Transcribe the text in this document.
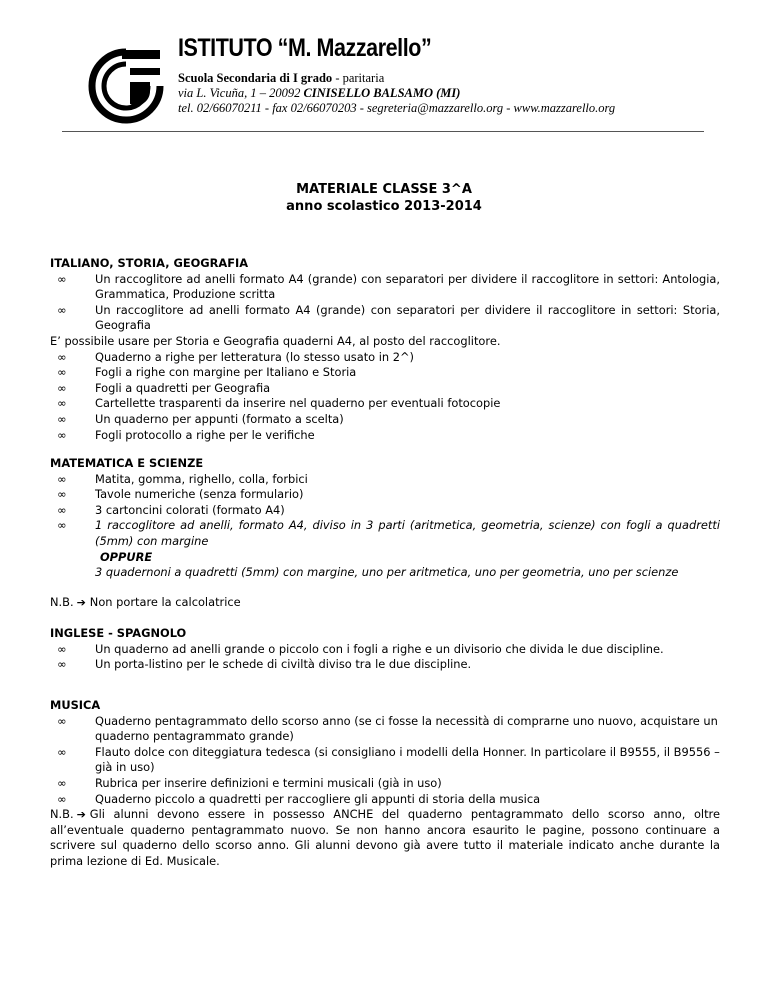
ISTITUTO “M. Mazzarello”
Scuola Secondaria di I grado - paritaria
via L. Vicuña, 1 – 20092 CINISELLO BALSAMO (MI)
tel. 02/66070211 - fax 02/66070203 - segreteria@mazzarello.org - www.mazzarello.org
MATERIALE CLASSE 3^A
anno scolastico 2013-2014
ITALIANO, STORIA, GEOGRAFIA
∞	Un raccoglitore ad anelli formato A4 (grande) con separatori per dividere il raccoglitore in settori: Antologia, Grammatica, Produzione scritta
∞	Un raccoglitore ad anelli formato A4 (grande) con separatori per dividere il raccoglitore in settori: Storia, Geografia
E’ possibile usare per Storia e Geografia quaderni A4, al posto del raccoglitore.
∞	Quaderno a righe per letteratura (lo stesso usato in 2^)
∞	Fogli a righe con margine per Italiano e Storia
∞	Fogli a quadretti per Geografia
∞	Cartellette trasparenti da inserire nel quaderno per eventuali fotocopie
∞	Un quaderno per appunti (formato a scelta)
∞	Fogli protocollo a righe per le verifiche
MATEMATICA E SCIENZE
∞	Matita, gomma, righello, colla, forbici
∞	Tavole numeriche (senza formulario)
∞	3 cartoncini colorati (formato A4)
∞	1 raccoglitore ad anelli, formato A4, diviso in 3 parti (aritmetica, geometria, scienze) con fogli a quadretti (5mm) con margine
OPPURE
3 quadernoni a quadretti (5mm) con margine, uno per aritmetica, uno per geometria, uno per scienze
N.B. ➔ Non portare la calcolatrice
INGLESE - SPAGNOLO
∞	Un quaderno ad anelli grande o piccolo con i fogli a righe e un divisorio che divida le due discipline.
∞	Un porta-listino per le schede di civiltà diviso tra le due discipline.
MUSICA
∞	Quaderno pentagrammato dello scorso anno (se ci fosse la necessità di comprarne uno nuovo, acquistare un quaderno pentagrammato grande)
∞	Flauto dolce con diteggiatura tedesca (si consigliano i modelli della Honner. In particolare il B9555, il B9556 – già in uso)
∞	Rubrica per inserire definizioni e termini musicali (già in uso)
∞	Quaderno piccolo a quadretti per raccogliere gli appunti di storia della musica
N.B. ➔ Gli alunni devono essere in possesso ANCHE del quaderno pentagrammato dello scorso anno, oltre all’eventuale quaderno pentagrammato nuovo. Se non hanno ancora esaurito le pagine, possono continuare a scrivere sul quaderno dello scorso anno. Gli alunni devono già avere tutto il materiale indicato anche durante la prima lezione di Ed. Musicale.
